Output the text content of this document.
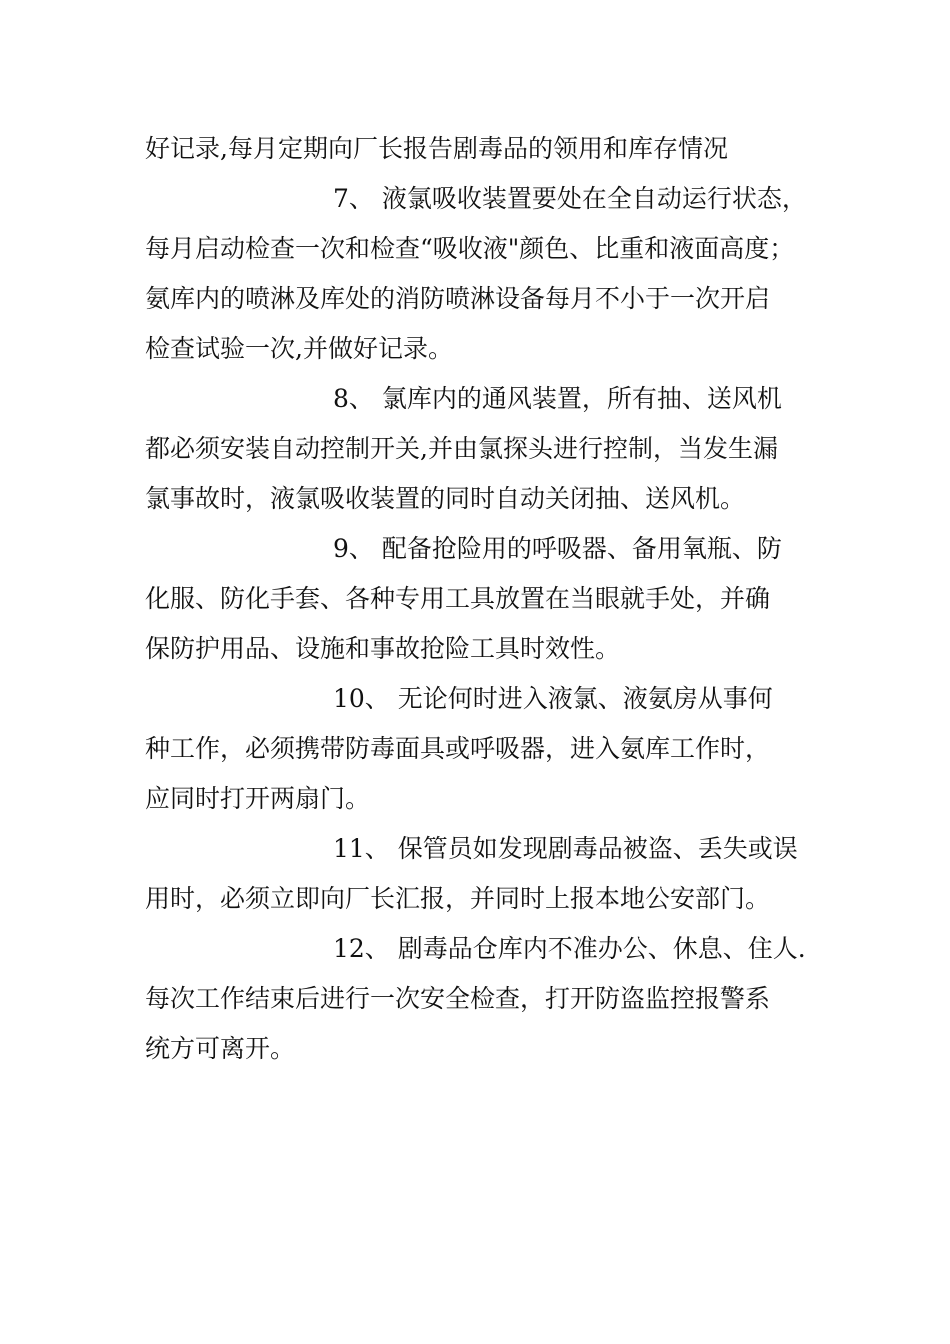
好记录,每月定期向厂长报告剧毒品的领用和库存情况
7、 液氯吸收装置要处在全自动运行状态，
每月启动检查一次和检查“吸收液"颜色、比重和液面高度；
氨库内的喷淋及库处的消防喷淋设备每月不小于一次开启
检查试验一次,并做好记录。
8、 氯库内的通风装置，所有抽、送风机
都必须安装自动控制开关,并由氯探头进行控制，当发生漏
氯事故时，液氯吸收装置的同时自动关闭抽、送风机。
9、 配备抢险用的呼吸器、备用氧瓶、防
化服、防化手套、各种专用工具放置在当眼就手处，并确
保防护用品、设施和事故抢险工具时效性。
10、 无论何时进入液氯、液氨房从事何
种工作，必须携带防毒面具或呼吸器，进入氨库工作时，
应同时打开两扇门。
11、 保管员如发现剧毒品被盗、丢失或误
用时，必须立即向厂长汇报，并同时上报本地公安部门。
12、 剧毒品仓库内不准办公、休息、住人.
每次工作结束后进行一次安全检查，打开防盗监控报警系
统方可离开。
